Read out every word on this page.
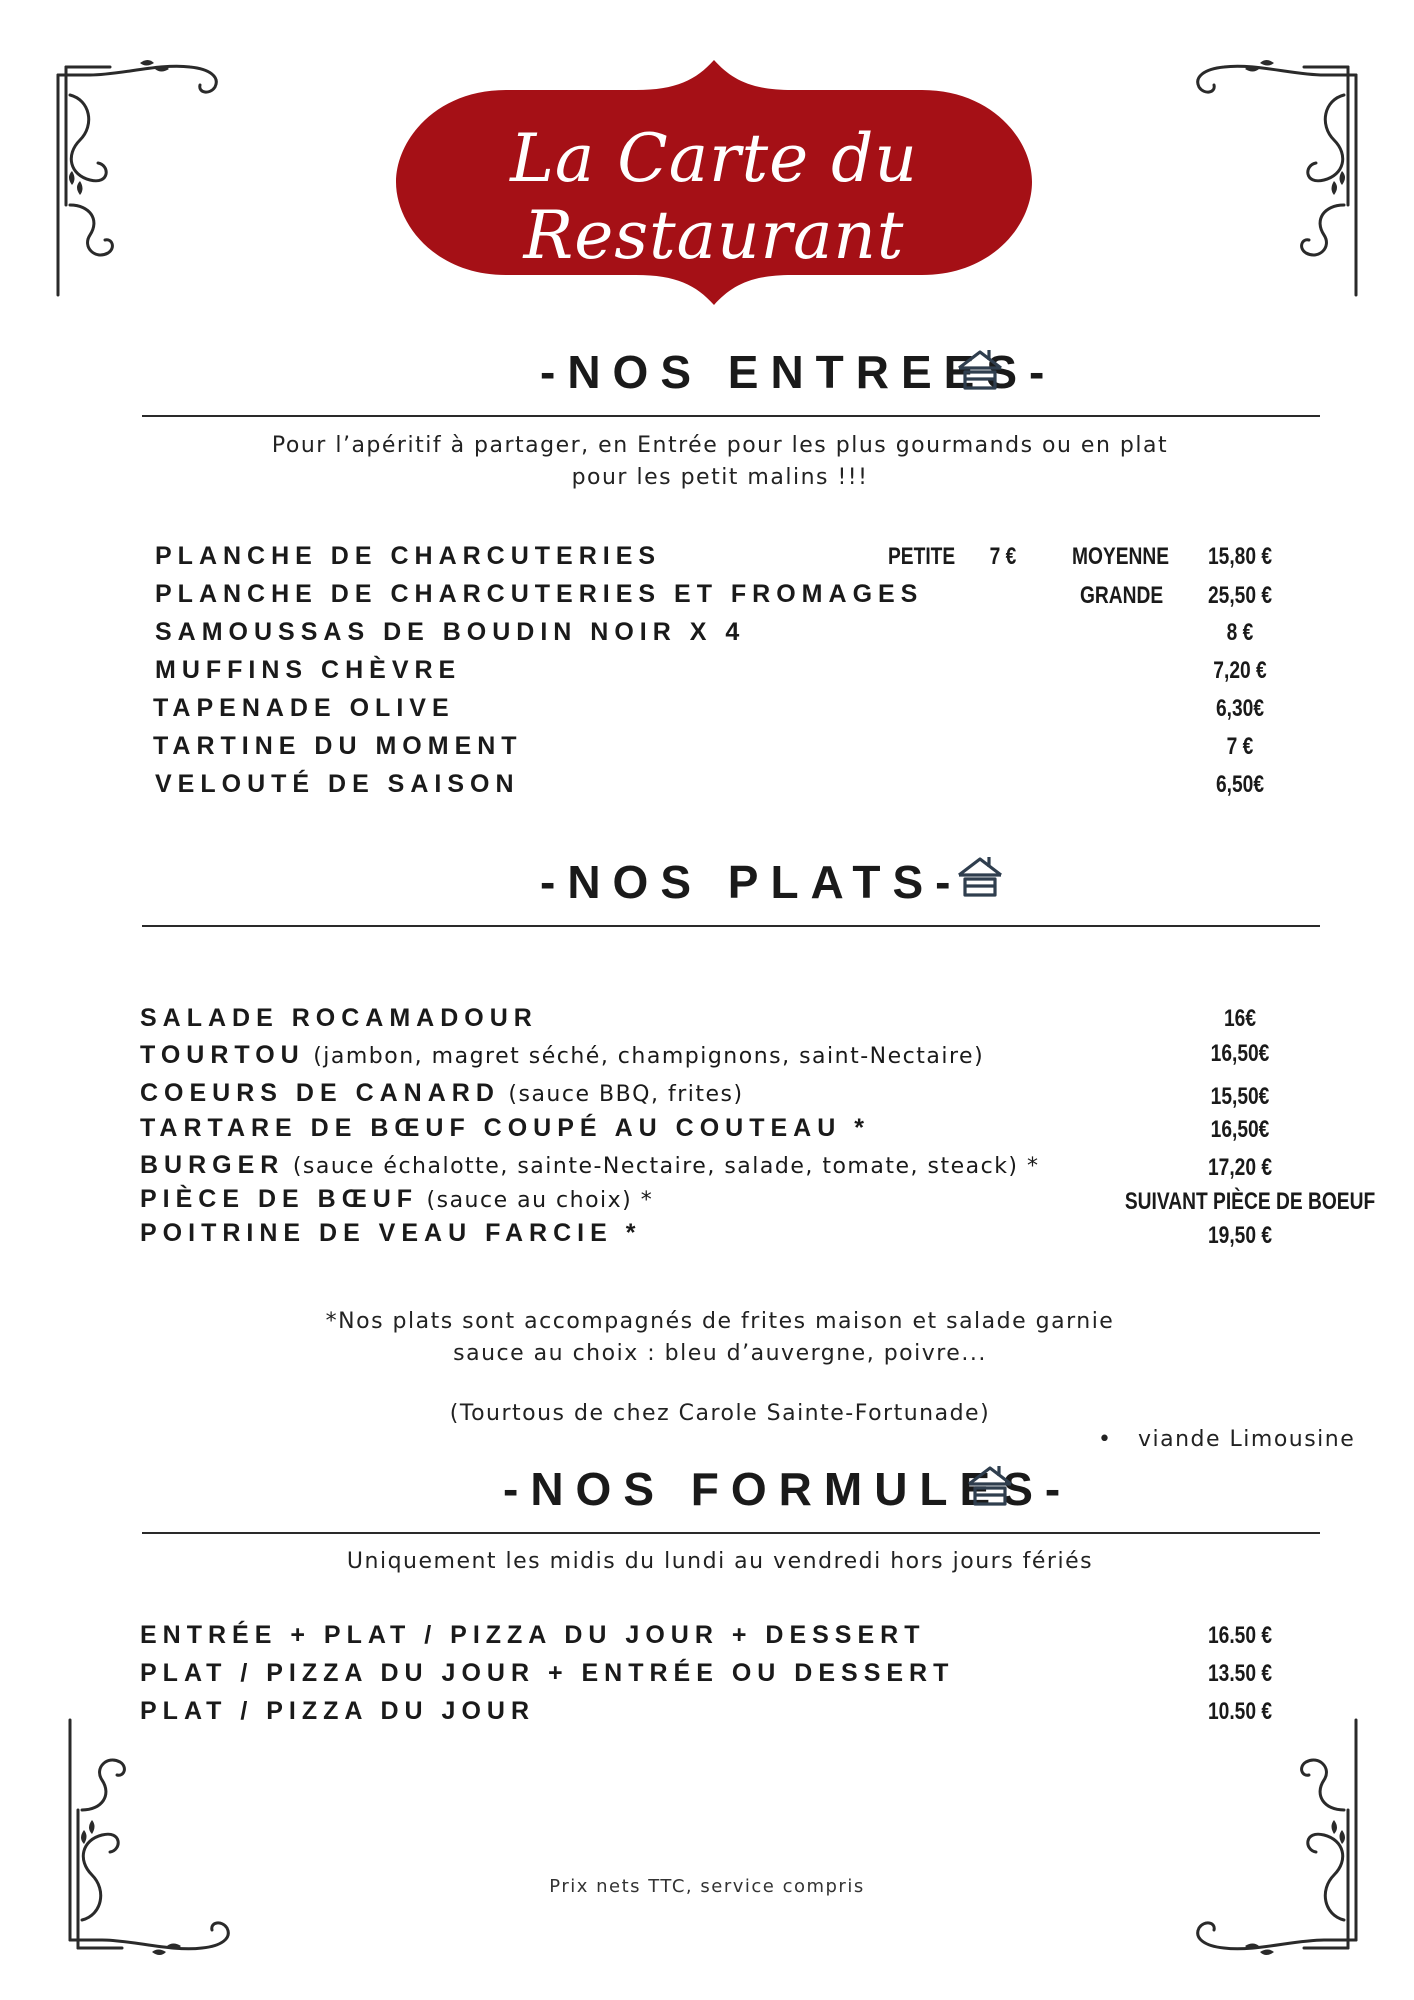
La Carte du Restaurant
-NOS ENTREES-
Pour l’apéritif à partager, en Entrée pour les plus gourmands ou en plat
pour les petit malins !!!
PLANCHE DE CHARCUTERIES	PETITE 7 € MOYENNE	15,80 €
PLANCHE DE CHARCUTERIES ET FROMAGES	GRANDE	25,50 €
SAMOUSSAS DE BOUDIN NOIR X 4	8 €
MUFFINS CHÈVRE	7,20 €
TAPENADE OLIVE	6,30€
TARTINE DU MOMENT	7 €
VELOUTÉ DE SAISON	6,50€
-NOS PLATS-
SALADE ROCAMADOUR	16€
TOURTOU (jambon, magret séché, champignons, saint-Nectaire)	16,50€
COEURS DE CANARD (sauce BBQ, frites)	15,50€
TARTARE DE BŒUF COUPÉ AU COUTEAU *	16,50€
BURGER (sauce échalotte, sainte-Nectaire, salade, tomate, steack) *	17,20 €
PIÈCE DE BŒUF (sauce au choix) *	SUIVANT PIÈCE DE BOEUF
POITRINE DE VEAU FARCIE *	19,50 €
*Nos plats sont accompagnés de frites maison et salade garnie
sauce au choix : bleu d’auvergne, poivre...
(Tourtous de chez Carole Sainte-Fortunade)
•   viande Limousine
-NOS FORMULES-
Uniquement les midis du lundi au vendredi hors jours fériés
ENTRÉE + PLAT / PIZZA DU JOUR + DESSERT	16.50 €
PLAT / PIZZA DU JOUR + ENTRÉE OU DESSERT	13.50 €
PLAT / PIZZA DU JOUR	10.50 €
Prix nets TTC, service compris
